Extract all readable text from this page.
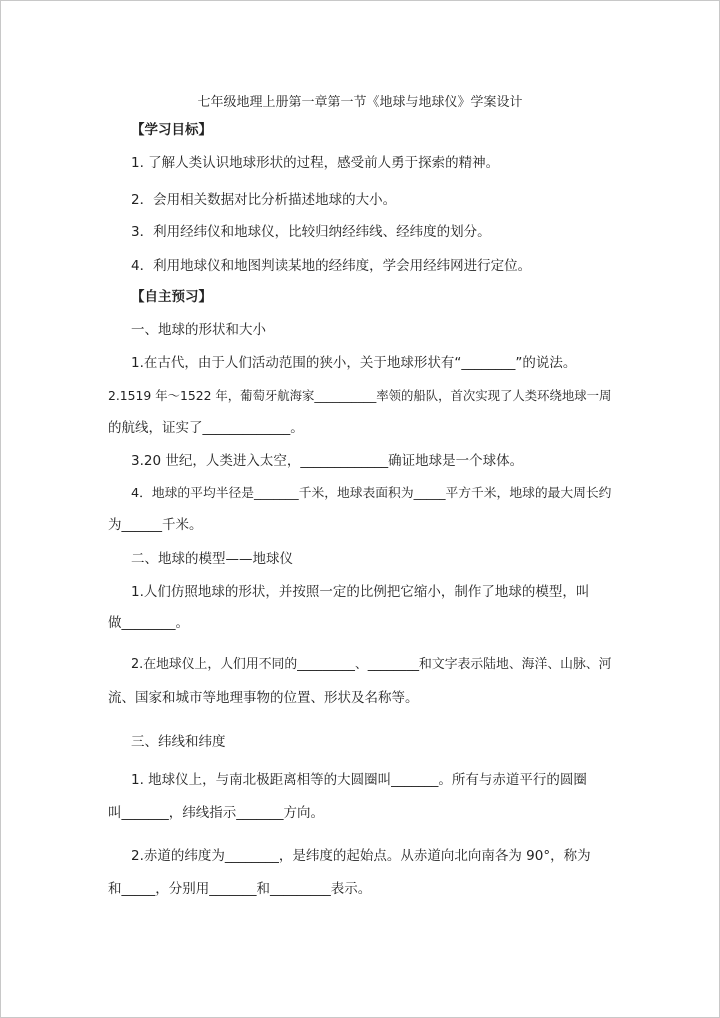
七年级地理上册第一章第一节《地球与地球仪》学案设计
【学习目标】
1. 了解人类认识地球形状的过程，感受前人勇于探索的精神。
2．会用相关数据对比分析描述地球的大小。
3．利用经纬仪和地球仪，比较归纳经纬线、经纬度的划分。
4．利用地球仪和地图判读某地的经纬度，学会用经纬网进行定位。
【自主预习】
一、地球的形状和大小
1.在古代，由于人们活动范围的狭小，关于地球形状有“________”的说法。
2.1519 年～1522 年，葡萄牙航海家__________率领的船队，首次实现了人类环绕地球一周
的航线，证实了_____________。
3.20 世纪，人类进入太空，_____________确证地球是一个球体。
4．地球的平均半径是_______千米，地球表面积为_____平方千米，地球的最大周长约
为______千米。
二、地球的模型——地球仪
1.人们仿照地球的形状，并按照一定的比例把它缩小，制作了地球的模型，叫
做________。
2.在地球仪上，人们用不同的_________、________和文字表示陆地、海洋、山脉、河
流、国家和城市等地理事物的位置、形状及名称等。
三、纬线和纬度
1. 地球仪上，与南北极距离相等的大圆圈叫_______。所有与赤道平行的圆圈
叫_______，纬线指示_______方向。
2.赤道的纬度为________，是纬度的起始点。从赤道向北向南各为 90°，称为
和_____，分别用_______和_________表示。
